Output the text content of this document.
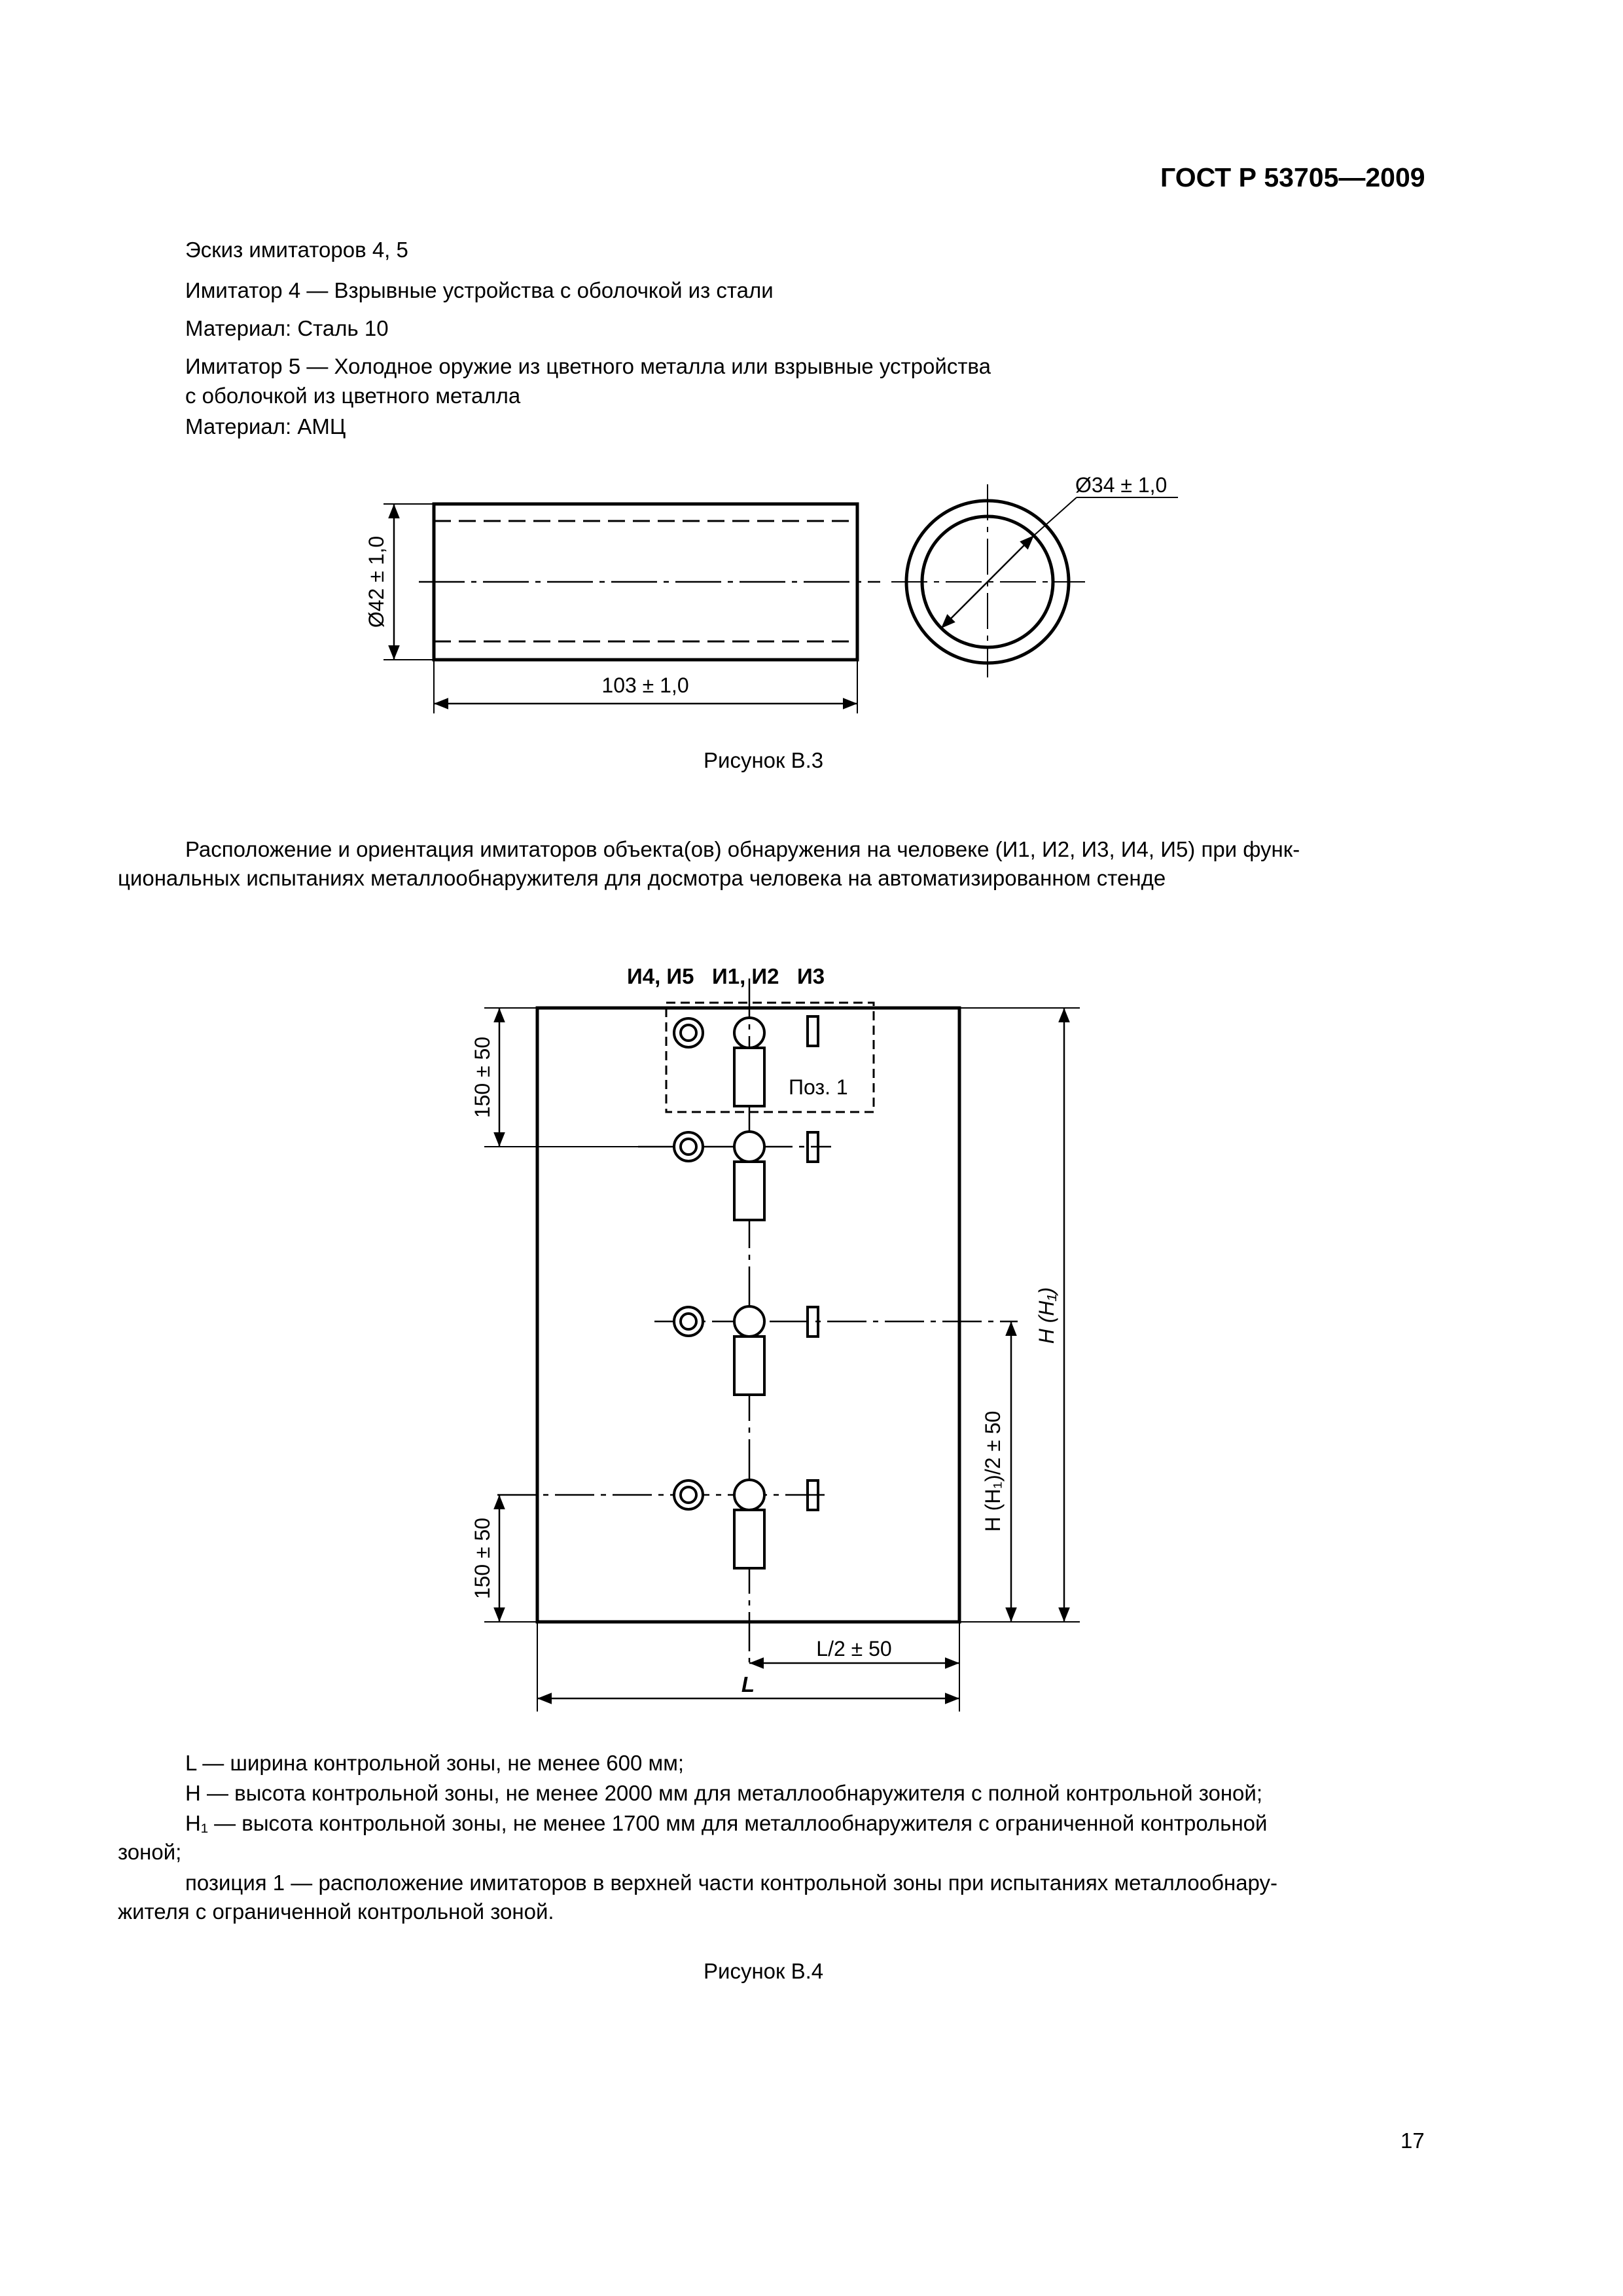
ГОСТ Р 53705—2009
Эскиз имитаторов 4, 5
Имитатор 4 — Взрывные устройства с оболочкой из стали
Материал: Сталь 10
Имитатор 5 — Холодное оружие из цветного металла или взрывные устройства
с оболочкой из цветного металла
Материал: АМЦ
Ø42 ± 1,0
103 ± 1,0
Ø34 ± 1,0
Рисунок В.3
Расположение и ориентация имитаторов объекта(ов) обнаружения на человеке (И1, И2, И3, И4, И5) при функ-
циональных испытаниях металлообнаружителя для досмотра человека на автоматизированном стенде
И4, И5 И1, И2 И3
Поз. 1
150 ± 50
150 ± 50
H (H₁)
H (H₁)/2 ± 50
L/2 ± 50
L
L — ширина контрольной зоны, не менее 600 мм;
H — высота контрольной зоны, не менее 2000 мм для металлообнаружителя с полной контрольной зоной;
H₁ — высота контрольной зоны, не менее 1700 мм для металлообнаружителя с ограниченной контрольной
зоной;
позиция 1 — расположение имитаторов в верхней части контрольной зоны при испытаниях металлообнару-
жителя с ограниченной контрольной зоной.
Рисунок В.4
17
